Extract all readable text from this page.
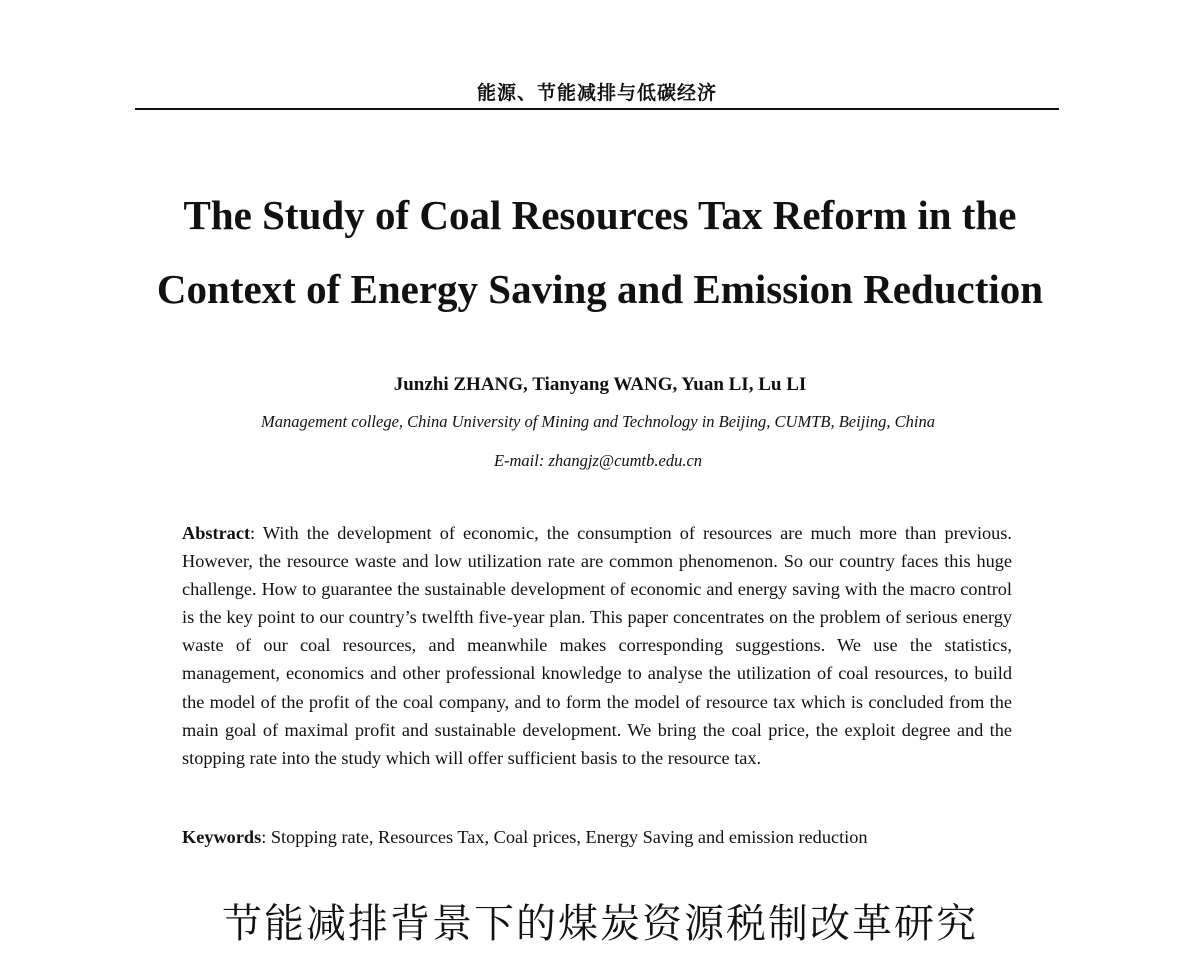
能源、节能减排与低碳经济
The Study of Coal Resources Tax Reform in the
Context of Energy Saving and Emission Reduction
Junzhi ZHANG, Tianyang WANG, Yuan LI, Lu LI
Management college, China University of Mining and Technology in Beijing, CUMTB, Beijing, China
E-mail: zhangjz@cumtb.edu.cn
Abstract: With the development of economic, the consumption of resources are much more than previous. However, the resource waste and low utilization rate are common phenomenon. So our country faces this huge challenge. How to guarantee the sustainable development of economic and energy saving with the macro control is the key point to our country’s twelfth five-year plan. This paper concentrates on the problem of serious energy waste of our coal resources, and meanwhile makes corresponding suggestions. We use the statistics, management, economics and other professional knowledge to analyse the utilization of coal resources, to build the model of the profit of the coal company, and to form the model of resource tax which is concluded from the main goal of maximal profit and sustainable development. We bring the coal price, the exploit degree and the stopping rate into the study which will offer sufficient basis to the resource tax.
Keywords: Stopping rate, Resources Tax, Coal prices, Energy Saving and emission reduction
节能减排背景下的煤炭资源税制改革研究
